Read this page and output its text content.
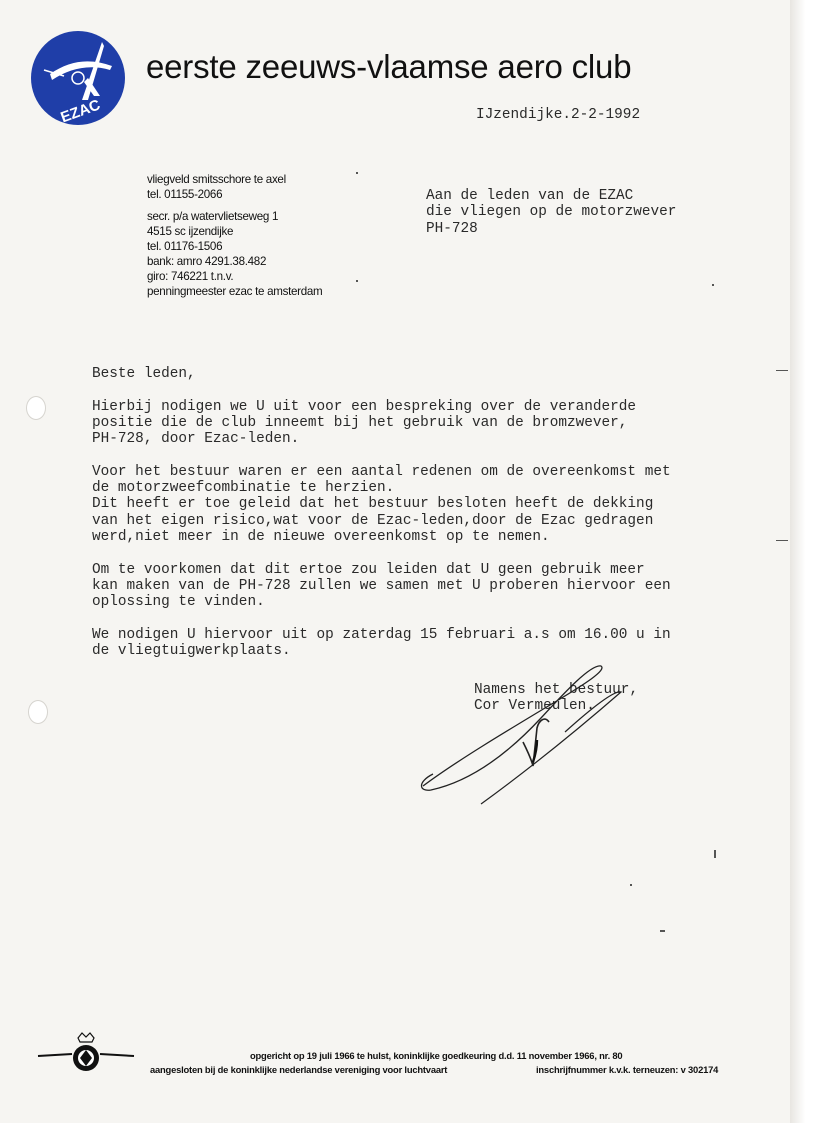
EZAC
eerste zeeuws-vlaamse aero club
IJzendijke.2-2-1992
vliegveld smitsschore te axel
tel. 01155-2066
secr. p/a watervlietseweg 1
4515 sc ijzendijke
tel. 01176-1506
bank: amro 4291.38.482
giro: 746221 t.n.v.
penningmeester ezac te amsterdam
Aan de leden van de EZAC
die vliegen op de motorzwever
PH-728

Beste leden,

Hierbij nodigen we U uit voor een bespreking over de veranderde
positie die de club inneemt bij het gebruik van de bromzwever,
PH-728, door Ezac-leden.

Voor het bestuur waren er een aantal redenen om de overeenkomst met
de motorzweefcombinatie te herzien.
Dit heeft er toe geleid dat het bestuur besloten heeft de dekking
van het eigen risico,wat voor de Ezac-leden,door de Ezac gedragen
werd,niet meer in de nieuwe overeenkomst op te nemen.

Om te voorkomen dat dit ertoe zou leiden dat U geen gebruik meer
kan maken van de PH-728 zullen we samen met U proberen hiervoor een
oplossing te vinden.

We nodigen U hiervoor uit op zaterdag 15 februari a.s om 16.00 u in
de vliegtuigwerkplaats.

Namens het bestuur,
Cor Vermeulen.
opgericht op 19 juli 1966 te hulst, koninklijke goedkeuring d.d. 11 november 1966, nr. 80
aangesloten bij de koninklijke nederlandse vereniging voor luchtvaart	inschrijfnummer k.v.k. terneuzen: v 302174
